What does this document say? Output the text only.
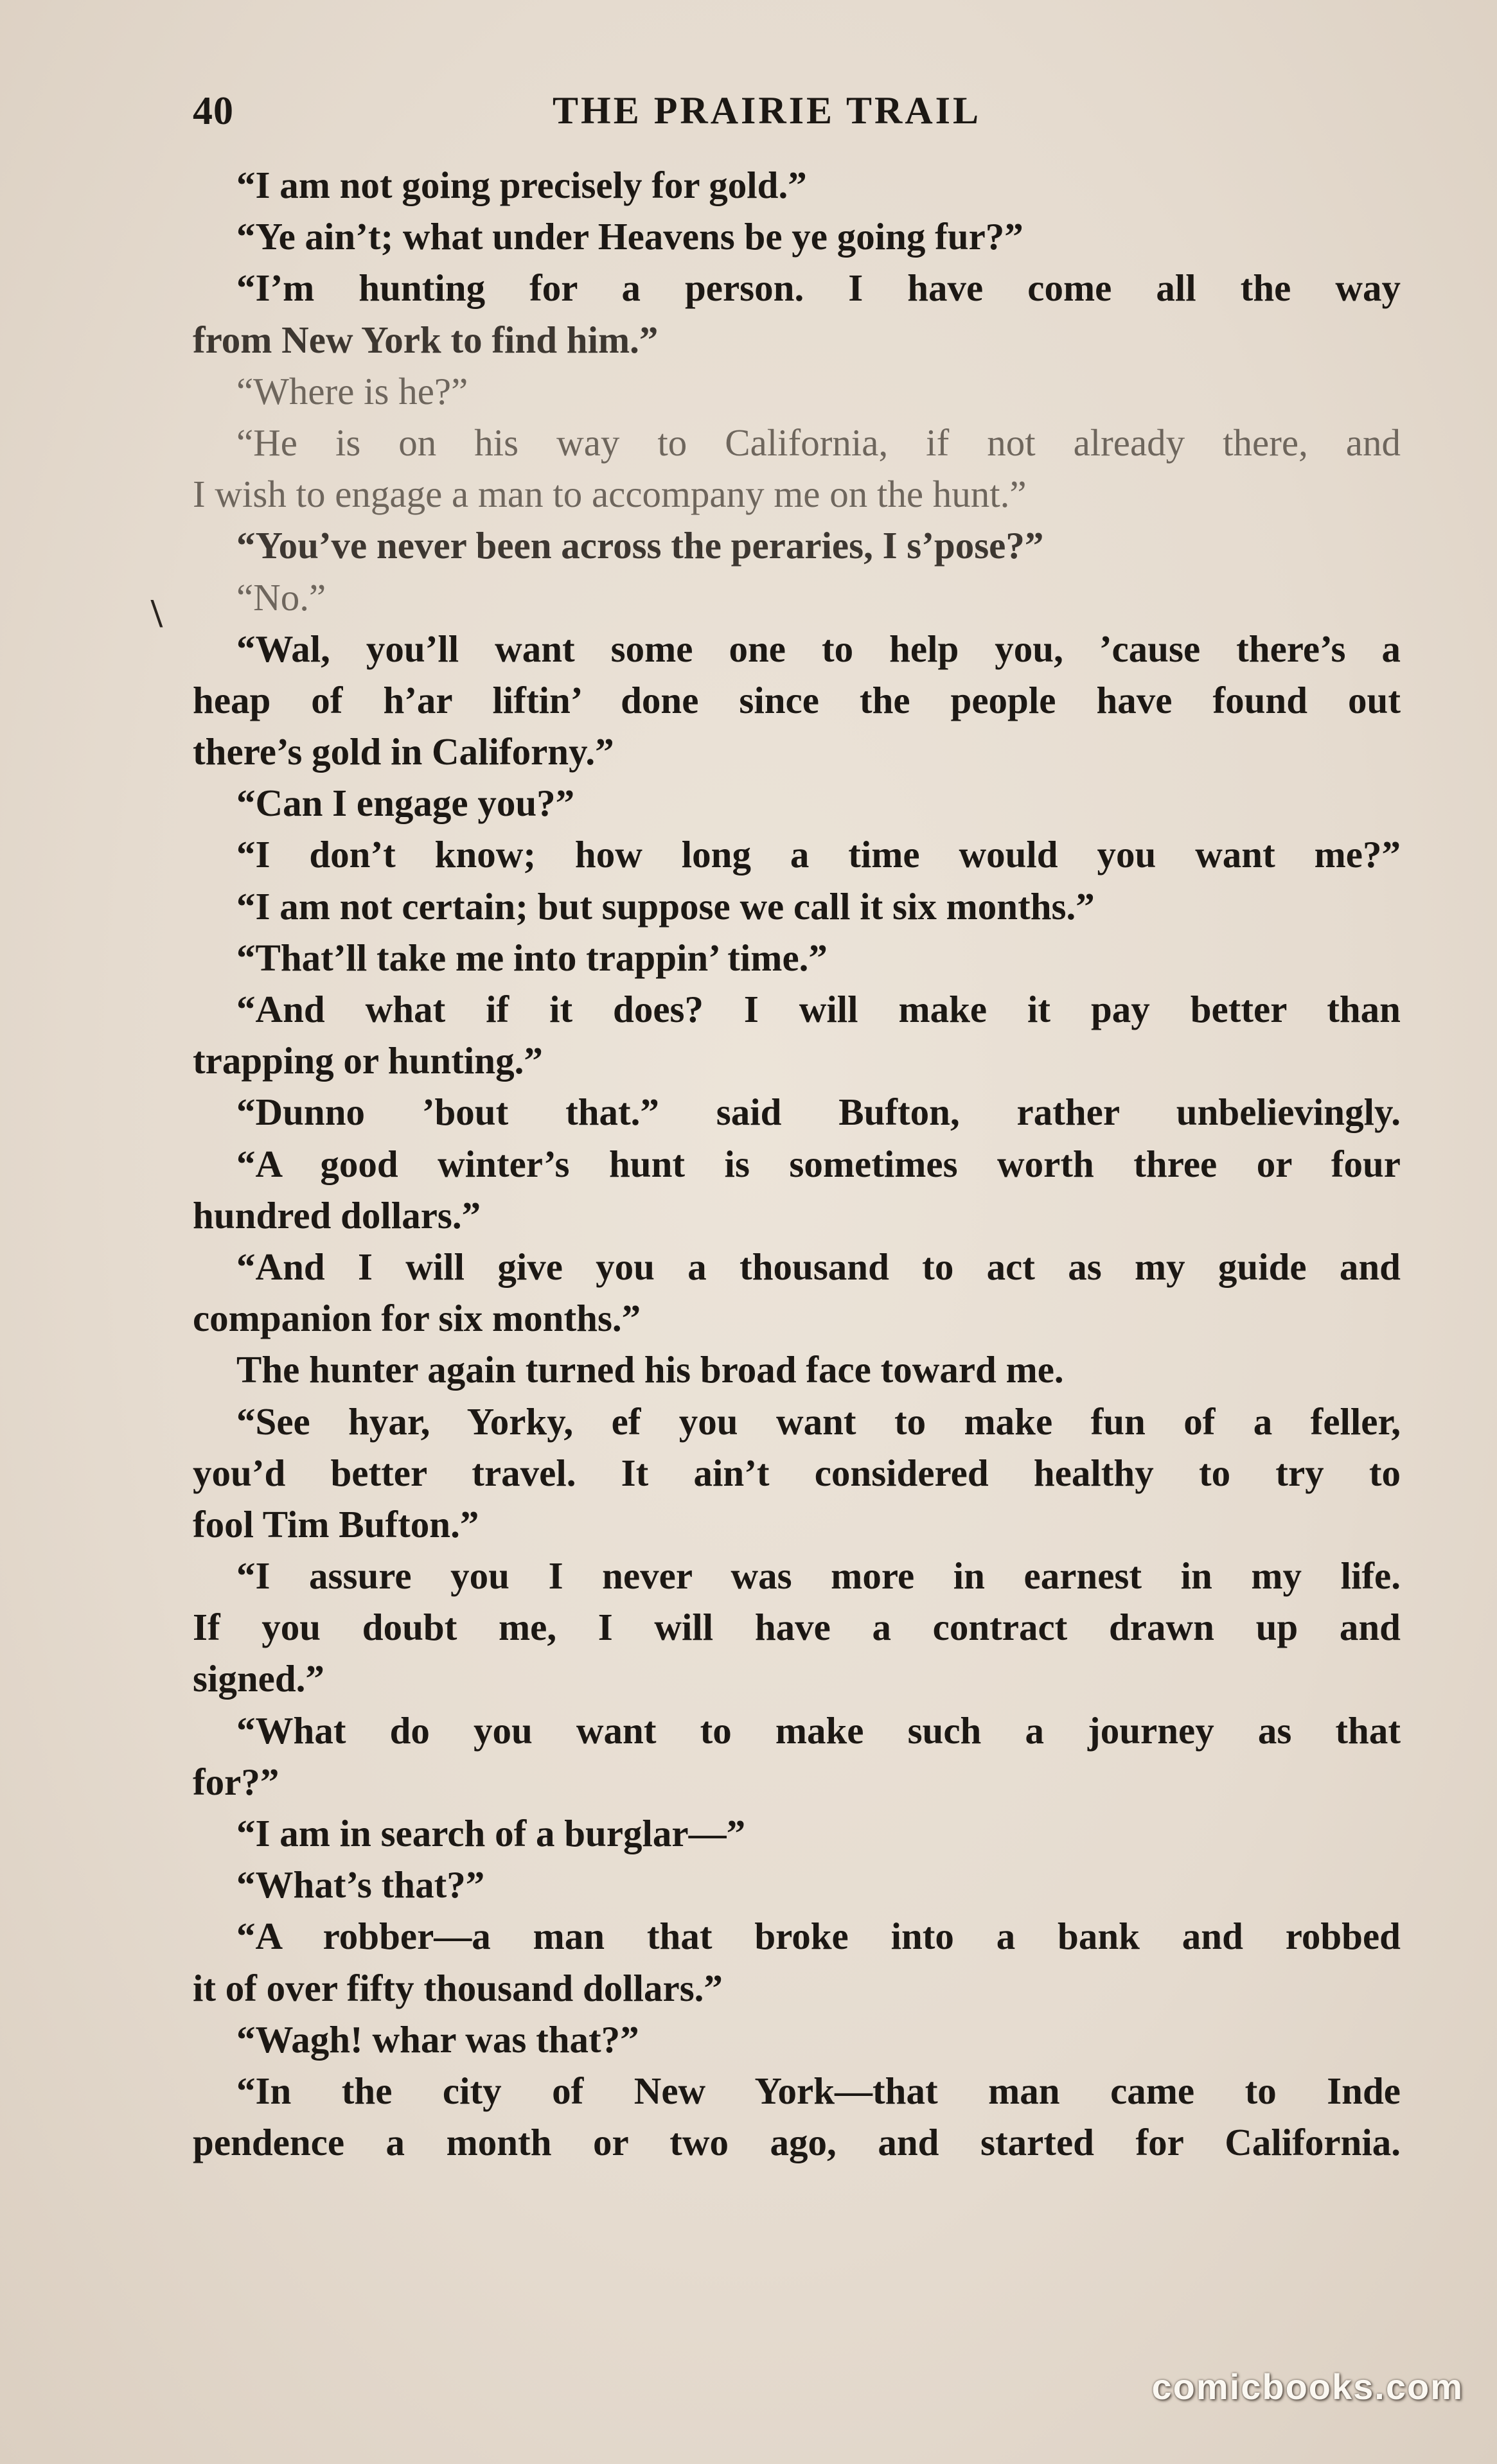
40	THE PRAIRIE TRAIL
\
“I am not going precisely for gold.”
“Ye ain’t; what under Heavens be ye going fur?”
“I’m hunting for a person. I have come all the way
from New York to find him.”
“Where is he?”
“He is on his way to California, if not already there, and
I wish to engage a man to accompany me on the hunt.”
“You’ve never been across the peraries, I s’pose?”
“No.”
“Wal, you’ll want some one to help you, ’cause there’s a
heap of h’ar liftin’ done since the people have found out
there’s gold in Californy.”
“Can I engage you?”
“I don’t know; how long a time would you want me?”
“I am not certain; but suppose we call it six months.”
“That’ll take me into trappin’ time.”
“And what if it does? I will make it pay better than
trapping or hunting.”
“Dunno ’bout that.” said Bufton, rather unbelievingly.
“A good winter’s hunt is sometimes worth three or four
hundred dollars.”
“And I will give you a thousand to act as my guide and
companion for six months.”
The hunter again turned his broad face toward me.
“See hyar, Yorky, ef you want to make fun of a feller,
you’d better travel. It ain’t considered healthy to try to
fool Tim Bufton.”
“I assure you I never was more in earnest in my life.
If you doubt me, I will have a contract drawn up and
signed.”
“What do you want to make such a journey as that
for?”
“I am in search of a burglar—”
“What’s that?”
“A robber—a man that broke into a bank and robbed
it of over fifty thousand dollars.”
“Wagh! whar was that?”
“In the city of New York—that man came to Inde
pendence a month or two ago, and started for California.
comicbooks.com
